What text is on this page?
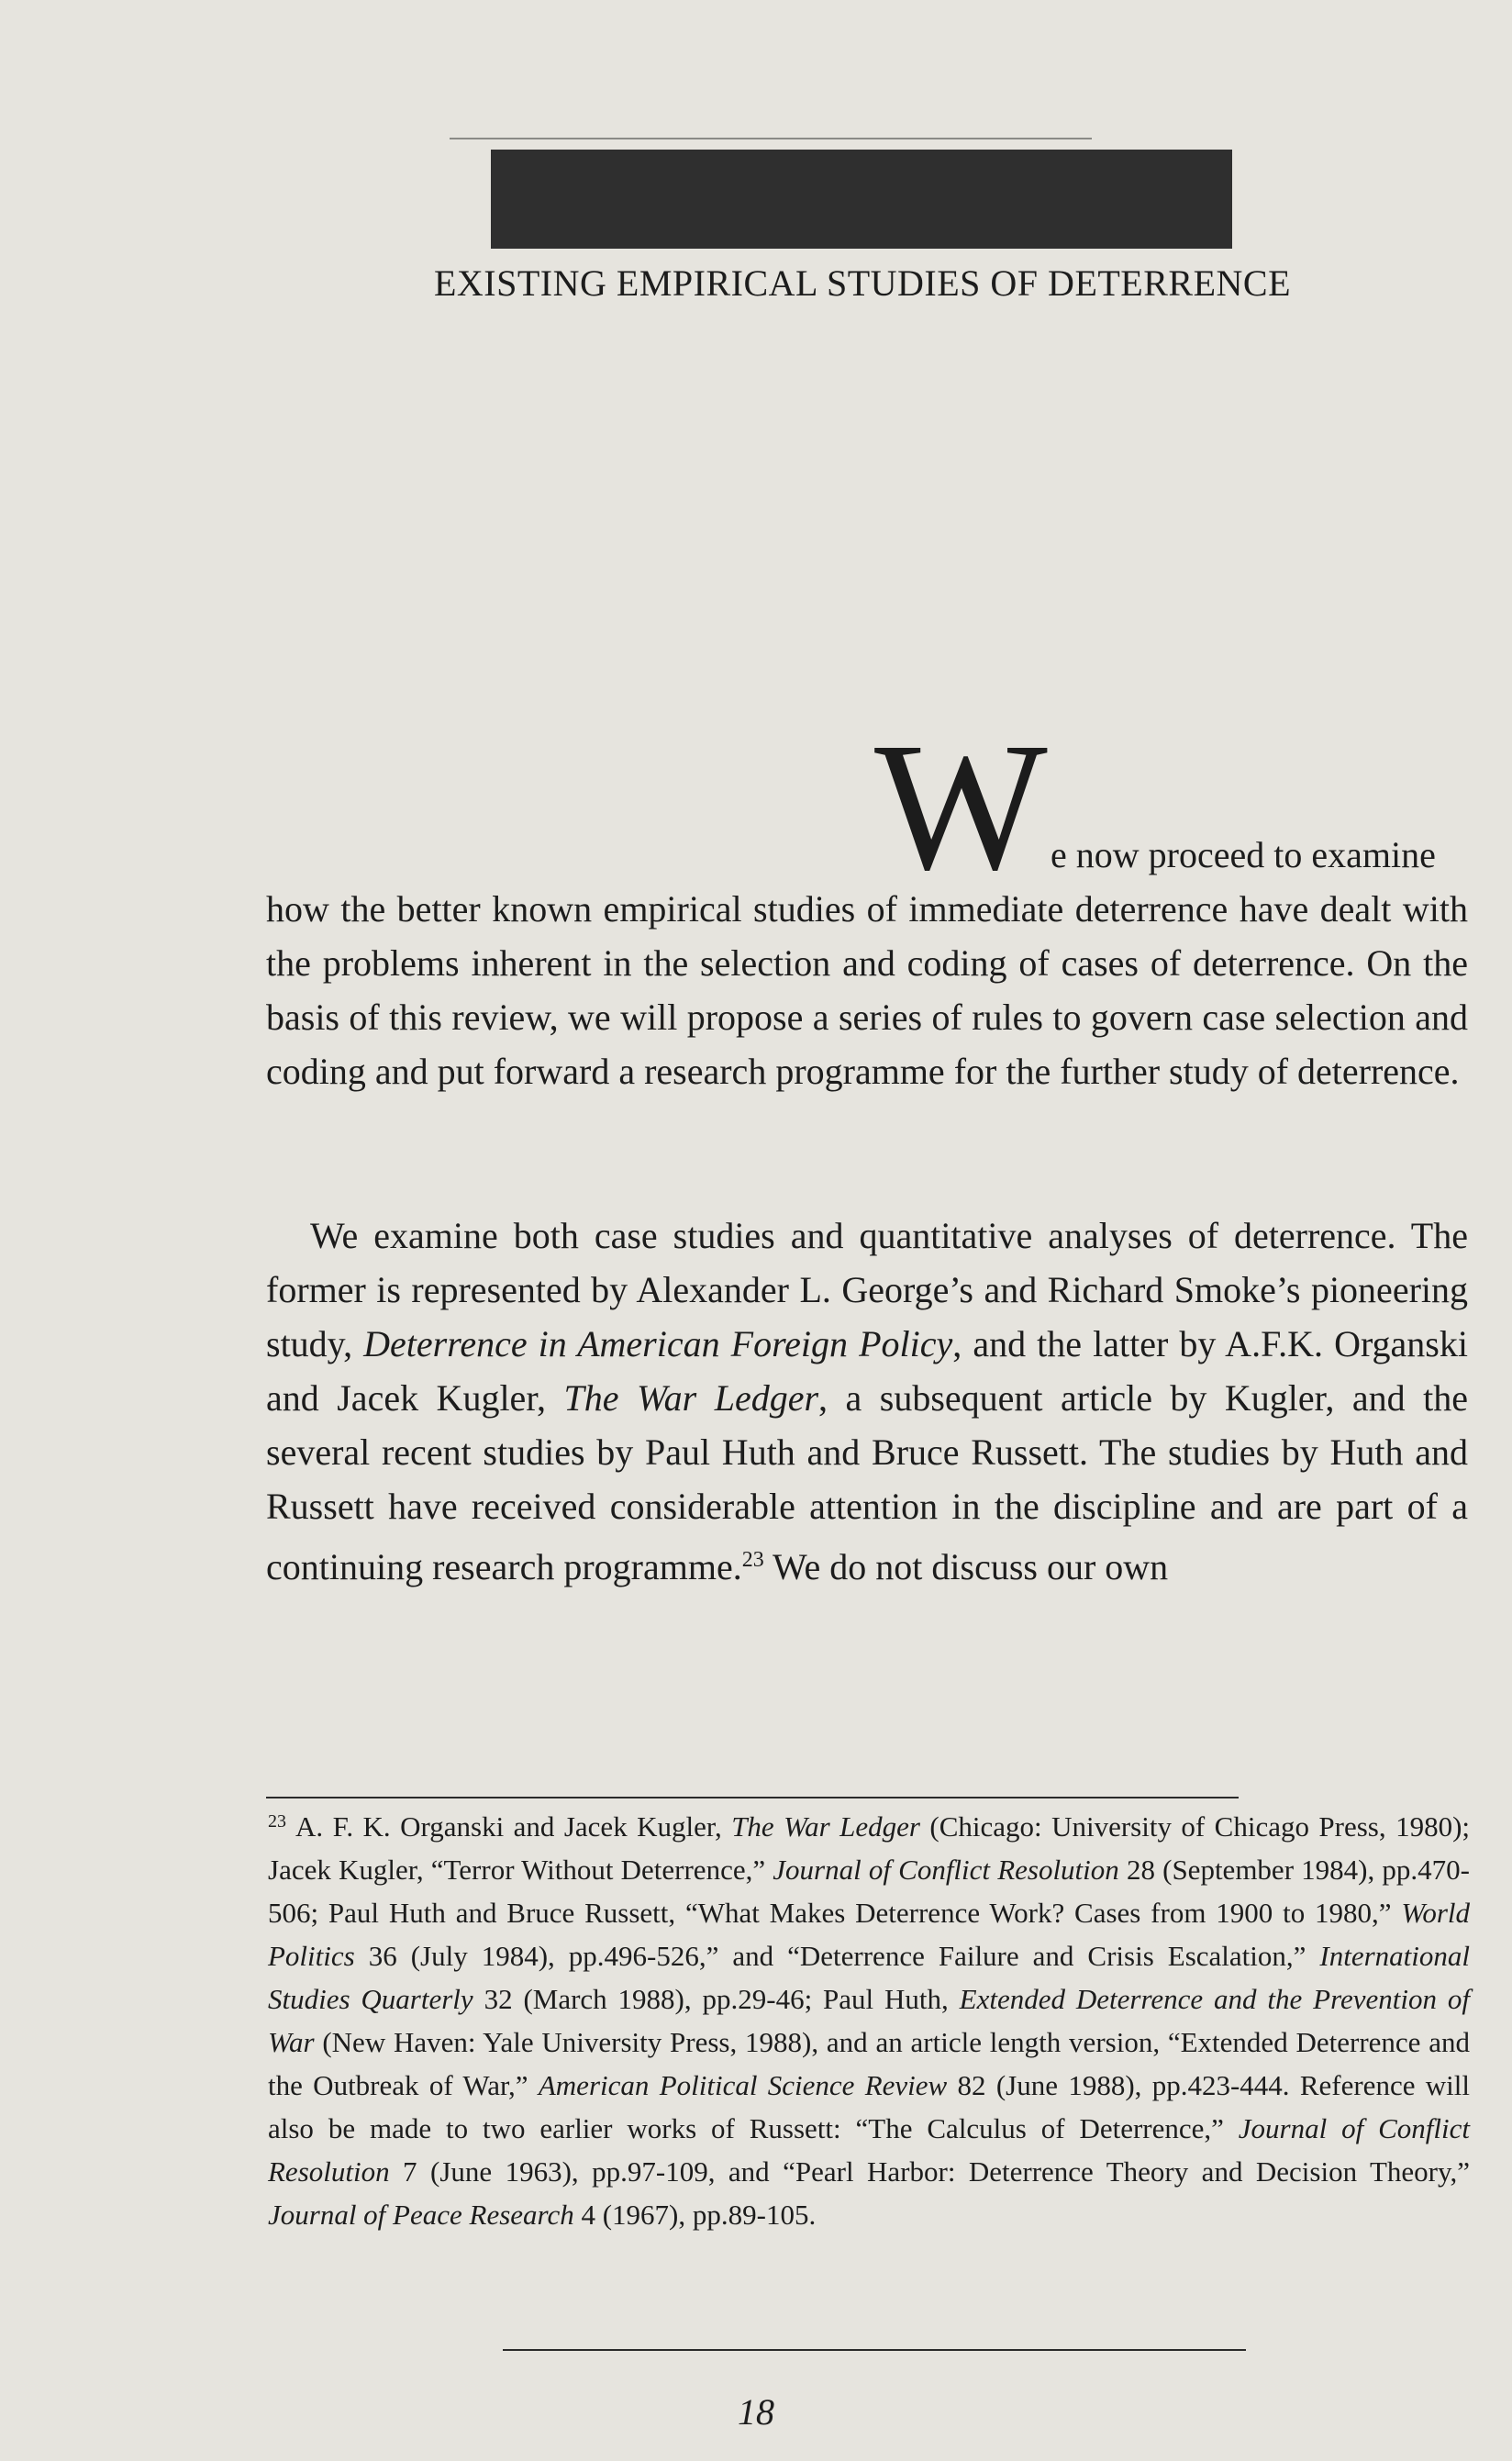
EXISTING EMPIRICAL STUDIES OF DETERRENCE
W e now proceed to examine
how the better known empirical studies of immediate deterrence have dealt with the problems inherent in the selection and coding of cases of deterrence. On the basis of this review, we will propose a series of rules to govern case selection and coding and put forward a research programme for the further study of deterrence.
We examine both case studies and quantitative analyses of deterrence. The former is represented by Alexander L. George’s and Richard Smoke’s pioneering study, Deterrence in American Foreign Policy, and the latter by A.F.K. Organski and Jacek Kugler, The War Ledger, a subsequent article by Kugler, and the several recent studies by Paul Huth and Bruce Russett. The studies by Huth and Russett have received considerable attention in the discipline and are part of a continuing research programme.$^{23}$ We do not discuss our own
$^{23}$ A. F. K. Organski and Jacek Kugler, The War Ledger (Chicago: University of Chicago Press, 1980); Jacek Kugler, “Terror Without Deterrence,” Journal of Conflict Resolution 28 (September 1984), pp.470-506; Paul Huth and Bruce Russett, “What Makes Deterrence Work? Cases from 1900 to 1980,” World Politics 36 (July 1984), pp.496-526,” and “Deterrence Failure and Crisis Escalation,” International Studies Quarterly 32 (March 1988), pp.29-46; Paul Huth, Extended Deterrence and the Prevention of War (New Haven: Yale University Press, 1988), and an article length version, “Extended Deterrence and the Outbreak of War,” American Political Science Review 82 (June 1988), pp.423-444. Reference will also be made to two earlier works of Russett: “The Calculus of Deterrence,” Journal of Conflict Resolution 7 (June 1963), pp.97-109, and “Pearl Harbor: Deterrence Theory and Decision Theory,” Journal of Peace Research 4 (1967), pp.89-105.
18
